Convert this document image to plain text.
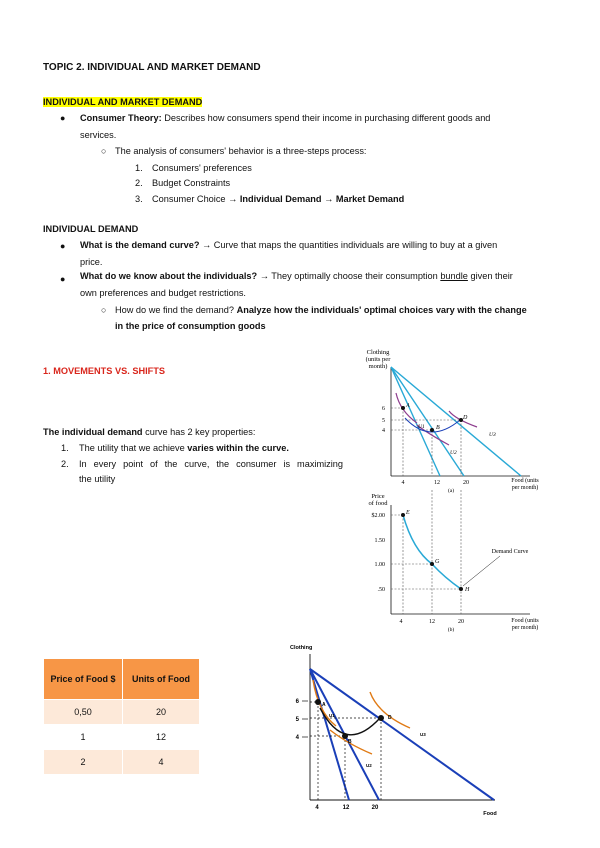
TOPIC 2. INDIVIDUAL AND MARKET DEMAND
INDIVIDUAL AND MARKET DEMAND
● Consumer Theory: Describes how consumers spend their income in purchasing different goods and

services.

○ The analysis of consumers' behavior is a three-steps process:

1. Consumers' preferences

2. Budget Constraints

3. Consumer Choice → Individual Demand → Market Demand

INDIVIDUAL DEMAND
● What is the demand curve? → Curve that maps the quantities individuals are willing to buy at a given

price.

● What do we know about the individuals? → They optimally choose their consumption bundle given their

own preferences and budget restrictions.

○ How do we find the demand? Analyze how the individuals' optimal choices vary with the change

in the price of consumption goods

1. MOVEMENTS VS. SHIFTS

The individual demand curve has 2 key properties:

1. The utility that we achieve varies within the curve.

2. In every point of the curve, the consumer is maximizing

the utility

Price of Food $	Units of Food
0,50	20
1	12
2	4
Clothing
(units per
month)
A
B
D
U1
U2
U3
6
5
4
4	12	20
(a)
Food (units
per month)
Price
of food
E
G
H
Demand Curve
$2.00
1.50
1.00
.50
4	12	20
(b)
Food (units
per month)
Clothing
A
B
D
U1
U2
U3
6
5
4
4	12	20
Food
